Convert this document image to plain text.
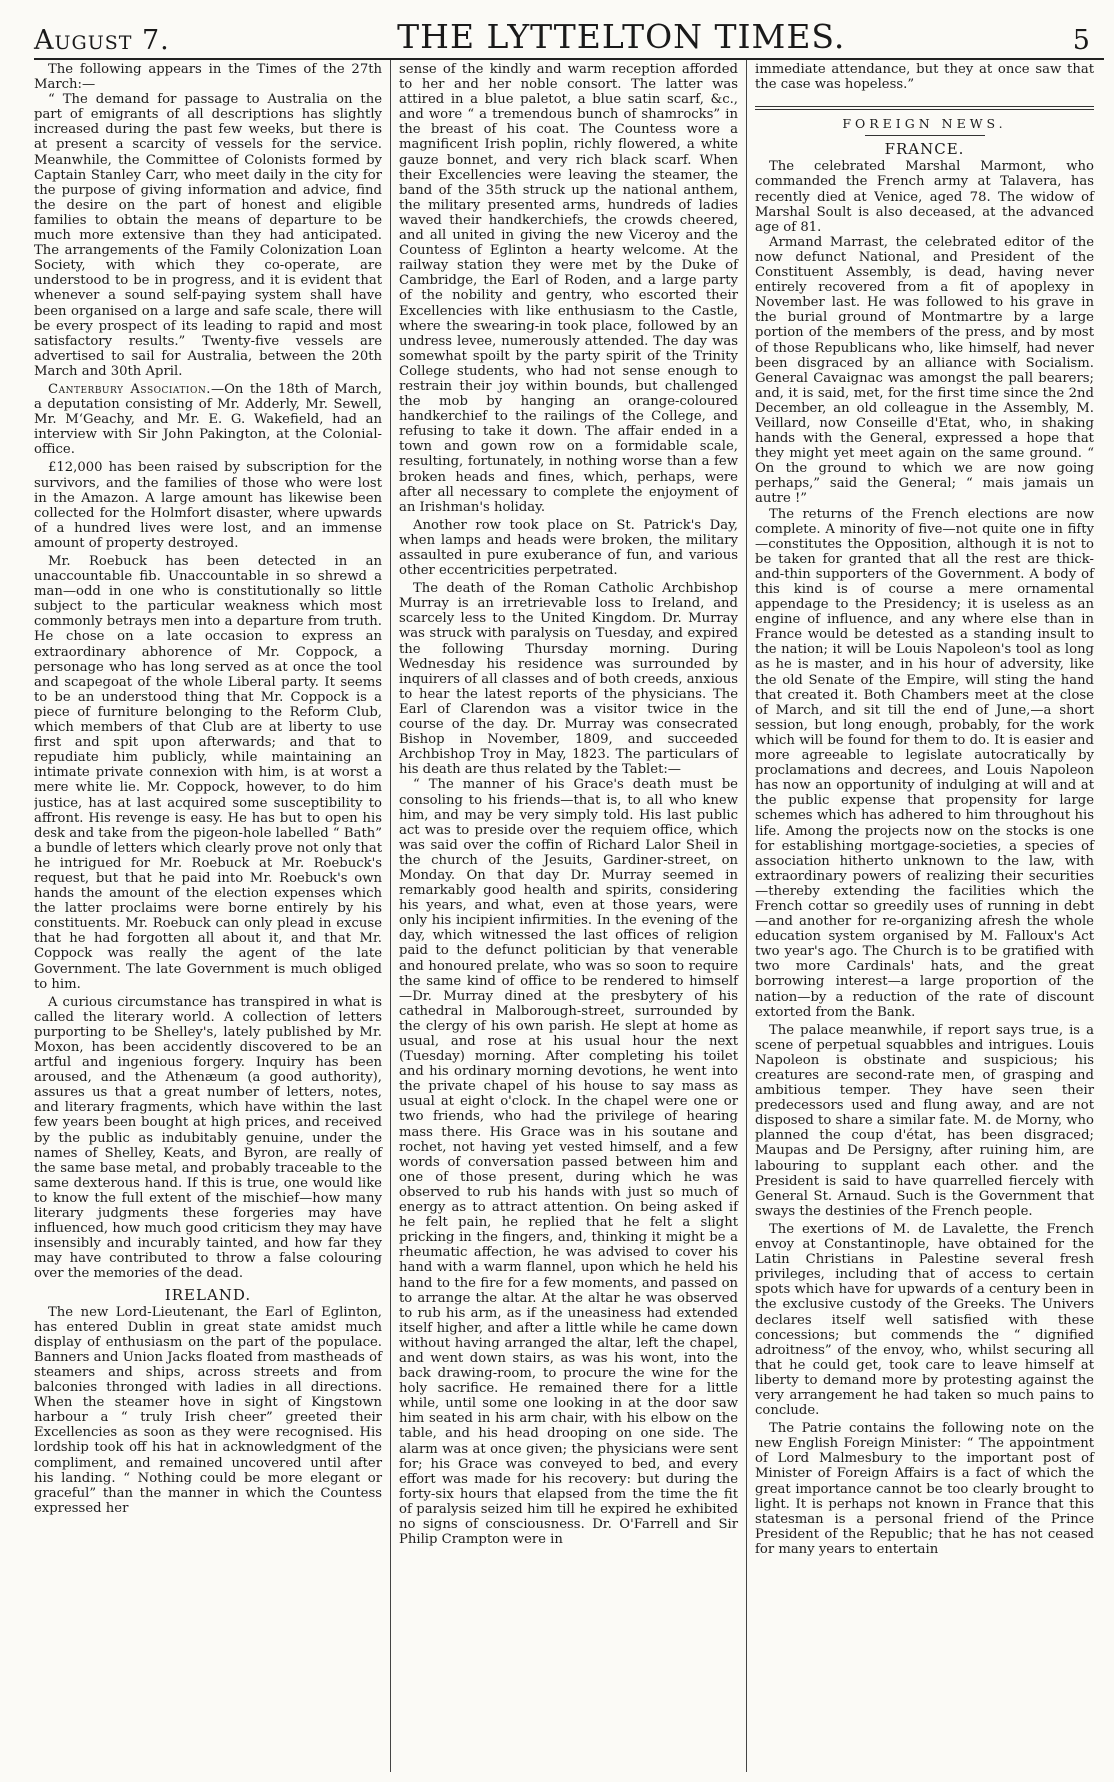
August 7.	THE LYTTELTON TIMES.	5

The following appears in the Times of the 27th March:—

“ The demand for passage to Australia on the part of emigrants of all descriptions has slightly increased during the past few weeks, but there is at present a scarcity of vessels for the service. Meanwhile, the Committee of Colonists formed by Captain Stanley Carr, who meet daily in the city for the purpose of giving information and advice, find the desire on the part of honest and eligible families to obtain the means of departure to be much more extensive than they had anticipated. The arrangements of the Family Colonization Loan Society, with which they co-operate, are understood to be in progress, and it is evident that whenever a sound self-paying system shall have been organised on a large and safe scale, there will be every prospect of its leading to rapid and most satisfactory results.” Twenty-five vessels are advertised to sail for Australia, between the 20th March and 30th April.

Canterbury Association.—On the 18th of March, a deputation consisting of Mr. Adderly, Mr. Sewell, Mr. M‘Geachy, and Mr. E. G. Wakefield, had an interview with Sir John Pakington, at the Colonial-office.

£12,000 has been raised by subscription for the survivors, and the families of those who were lost in the Amazon. A large amount has likewise been collected for the Holmfort disaster, where upwards of a hundred lives were lost, and an immense amount of property destroyed.

Mr. Roebuck has been detected in an unaccountable fib. Unaccountable in so shrewd a man—odd in one who is constitutionally so little subject to the particular weakness which most commonly betrays men into a departure from truth. He chose on a late occasion to express an extraordinary abhorence of Mr. Coppock, a personage who has long served as at once the tool and scapegoat of the whole Liberal party. It seems to be an understood thing that Mr. Coppock is a piece of furniture belonging to the Reform Club, which members of that Club are at liberty to use first and spit upon afterwards; and that to repudiate him publicly, while maintaining an intimate private connexion with him, is at worst a mere white lie. Mr. Coppock, however, to do him justice, has at last acquired some susceptibility to affront. His revenge is easy. He has but to open his desk and take from the pigeon-hole labelled “ Bath” a bundle of letters which clearly prove not only that he intrigued for Mr. Roebuck at Mr. Roebuck's request, but that he paid into Mr. Roebuck's own hands the amount of the election expenses which the latter proclaims were borne entirely by his constituents. Mr. Roebuck can only plead in excuse that he had forgotten all about it, and that Mr. Coppock was really the agent of the late Government. The late Government is much obliged to him.

A curious circumstance has transpired in what is called the literary world. A collection of letters purporting to be Shelley's, lately published by Mr. Moxon, has been accidently discovered to be an artful and ingenious forgery. Inquiry has been aroused, and the Athenæum (a good authority), assures us that a great number of letters, notes, and literary fragments, which have within the last few years been bought at high prices, and received by the public as indubitably genuine, under the names of Shelley, Keats, and Byron, are really of the same base metal, and probably traceable to the same dexterous hand. If this is true, one would like to know the full extent of the mischief—how many literary judgments these forgeries may have influenced, how much good criticism they may have insensibly and incurably tainted, and how far they may have contributed to throw a false colouring over the memories of the dead.

IRELAND.

The new Lord-Lieutenant, the Earl of Eglinton, has entered Dublin in great state amidst much display of enthusiasm on the part of the populace. Banners and Union Jacks floated from mastheads of steamers and ships, across streets and from balconies thronged with ladies in all directions. When the steamer hove in sight of Kingstown harbour a “ truly Irish cheer” greeted their Excellencies as soon as they were recognised. His lordship took off his hat in acknowledgment of the compliment, and remained uncovered until after his landing. “ Nothing could be more elegant or graceful” than the manner in which the Countess expressed her

sense of the kindly and warm reception afforded to her and her noble consort. The latter was attired in a blue paletot, a blue satin scarf, &c., and wore “ a tremendous bunch of shamrocks” in the breast of his coat. The Countess wore a magnificent Irish poplin, richly flowered, a white gauze bonnet, and very rich black scarf. When their Excellencies were leaving the steamer, the band of the 35th struck up the national anthem, the military presented arms, hundreds of ladies waved their handkerchiefs, the crowds cheered, and all united in giving the new Viceroy and the Countess of Eglinton a hearty welcome. At the railway station they were met by the Duke of Cambridge, the Earl of Roden, and a large party of the nobility and gentry, who escorted their Excellencies with like enthusiasm to the Castle, where the swearing-in took place, followed by an undress levee, numerously attended. The day was somewhat spoilt by the party spirit of the Trinity College students, who had not sense enough to restrain their joy within bounds, but challenged the mob by hanging an orange-coloured handkerchief to the railings of the College, and refusing to take it down. The affair ended in a town and gown row on a formidable scale, resulting, fortunately, in nothing worse than a few broken heads and fines, which, perhaps, were after all necessary to complete the enjoyment of an Irishman's holiday.

Another row took place on St. Patrick's Day, when lamps and heads were broken, the military assaulted in pure exuberance of fun, and various other eccentricities perpetrated.

The death of the Roman Catholic Archbishop Murray is an irretrievable loss to Ireland, and scarcely less to the United Kingdom. Dr. Murray was struck with paralysis on Tuesday, and expired the following Thursday morning. During Wednesday his residence was surrounded by inquirers of all classes and of both creeds, anxious to hear the latest reports of the physicians. The Earl of Clarendon was a visitor twice in the course of the day. Dr. Murray was consecrated Bishop in November, 1809, and succeeded Archbishop Troy in May, 1823. The particulars of his death are thus related by the Tablet:—

“ The manner of his Grace's death must be consoling to his friends—that is, to all who knew him, and may be very simply told. His last public act was to preside over the requiem office, which was said over the coffin of Richard Lalor Sheil in the church of the Jesuits, Gardiner-street, on Monday. On that day Dr. Murray seemed in remarkably good health and spirits, considering his years, and what, even at those years, were only his incipient infirmities. In the evening of the day, which witnessed the last offices of religion paid to the defunct politician by that venerable and honoured prelate, who was so soon to require the same kind of office to be rendered to himself—Dr. Murray dined at the presbytery of his cathedral in Malborough-street, surrounded by the clergy of his own parish. He slept at home as usual, and rose at his usual hour the next (Tuesday) morning. After completing his toilet and his ordinary morning devotions, he went into the private chapel of his house to say mass as usual at eight o'clock. In the chapel were one or two friends, who had the privilege of hearing mass there. His Grace was in his soutane and rochet, not having yet vested himself, and a few words of conversation passed between him and one of those present, during which he was observed to rub his hands with just so much of energy as to attract attention. On being asked if he felt pain, he replied that he felt a slight pricking in the fingers, and, thinking it might be a rheumatic affection, he was advised to cover his hand with a warm flannel, upon which he held his hand to the fire for a few moments, and passed on to arrange the altar. At the altar he was observed to rub his arm, as if the uneasiness had extended itself higher, and after a little while he came down without having arranged the altar, left the chapel, and went down stairs, as was his wont, into the back drawing-room, to procure the wine for the holy sacrifice. He remained there for a little while, until some one looking in at the door saw him seated in his arm chair, with his elbow on the table, and his head drooping on one side. The alarm was at once given; the physicians were sent for; his Grace was conveyed to bed, and every effort was made for his recovery: but during the forty-six hours that elapsed from the time the fit of paralysis seized him till he expired he exhibited no signs of consciousness. Dr. O'Farrell and Sir Philip Crampton were in

immediate attendance, but they at once saw that the case was hopeless.”

FOREIGN NEWS.
FRANCE.

The celebrated Marshal Marmont, who commanded the French army at Talavera, has recently died at Venice, aged 78. The widow of Marshal Soult is also deceased, at the advanced age of 81.

Armand Marrast, the celebrated editor of the now defunct National, and President of the Constituent Assembly, is dead, having never entirely recovered from a fit of apoplexy in November last. He was followed to his grave in the burial ground of Montmartre by a large portion of the members of the press, and by most of those Republicans who, like himself, had never been disgraced by an alliance with Socialism. General Cavaignac was amongst the pall bearers; and, it is said, met, for the first time since the 2nd December, an old colleague in the Assembly, M. Veillard, now Conseille d'Etat, who, in shaking hands with the General, expressed a hope that they might yet meet again on the same ground. “ On the ground to which we are now going perhaps,” said the General; “ mais jamais un autre !”

The returns of the French elections are now complete. A minority of five—not quite one in fifty—constitutes the Opposition, although it is not to be taken for granted that all the rest are thick-and-thin supporters of the Government. A body of this kind is of course a mere ornamental appendage to the Presidency; it is useless as an engine of influence, and any where else than in France would be detested as a standing insult to the nation; it will be Louis Napoleon's tool as long as he is master, and in his hour of adversity, like the old Senate of the Empire, will sting the hand that created it. Both Chambers meet at the close of March, and sit till the end of June,—a short session, but long enough, probably, for the work which will be found for them to do. It is easier and more agreeable to legislate autocratically by proclamations and decrees, and Louis Napoleon has now an opportunity of indulging at will and at the public expense that propensity for large schemes which has adhered to him throughout his life. Among the projects now on the stocks is one for establishing mortgage-societies, a species of association hitherto unknown to the law, with extraordinary powers of realizing their securities—thereby extending the facilities which the French cottar so greedily uses of running in debt—and another for re-organizing afresh the whole education system organised by M. Falloux's Act two year's ago. The Church is to be gratified with two more Cardinals' hats, and the great borrowing interest—a large proportion of the nation—by a reduction of the rate of discount extorted from the Bank.

The palace meanwhile, if report says true, is a scene of perpetual squabbles and intrigues. Louis Napoleon is obstinate and suspicious; his creatures are second-rate men, of grasping and ambitious temper. They have seen their predecessors used and flung away, and are not disposed to share a similar fate. M. de Morny, who planned the coup d'état, has been disgraced; Maupas and De Persigny, after ruining him, are labouring to supplant each other. and the President is said to have quarrelled fiercely with General St. Arnaud. Such is the Government that sways the destinies of the French people.

The exertions of M. de Lavalette, the French envoy at Constantinople, have obtained for the Latin Christians in Palestine several fresh privileges, including that of access to certain spots which have for upwards of a century been in the exclusive custody of the Greeks. The Univers declares itself well satisfied with these concessions; but commends the “ dignified adroitness” of the envoy, who, whilst securing all that he could get, took care to leave himself at liberty to demand more by protesting against the very arrangement he had taken so much pains to conclude.

The Patrie contains the following note on the new English Foreign Minister: “ The appointment of Lord Malmesbury to the important post of Minister of Foreign Affairs is a fact of which the great importance cannot be too clearly brought to light. It is perhaps not known in France that this statesman is a personal friend of the Prince President of the Republic; that he has not ceased for many years to entertain
